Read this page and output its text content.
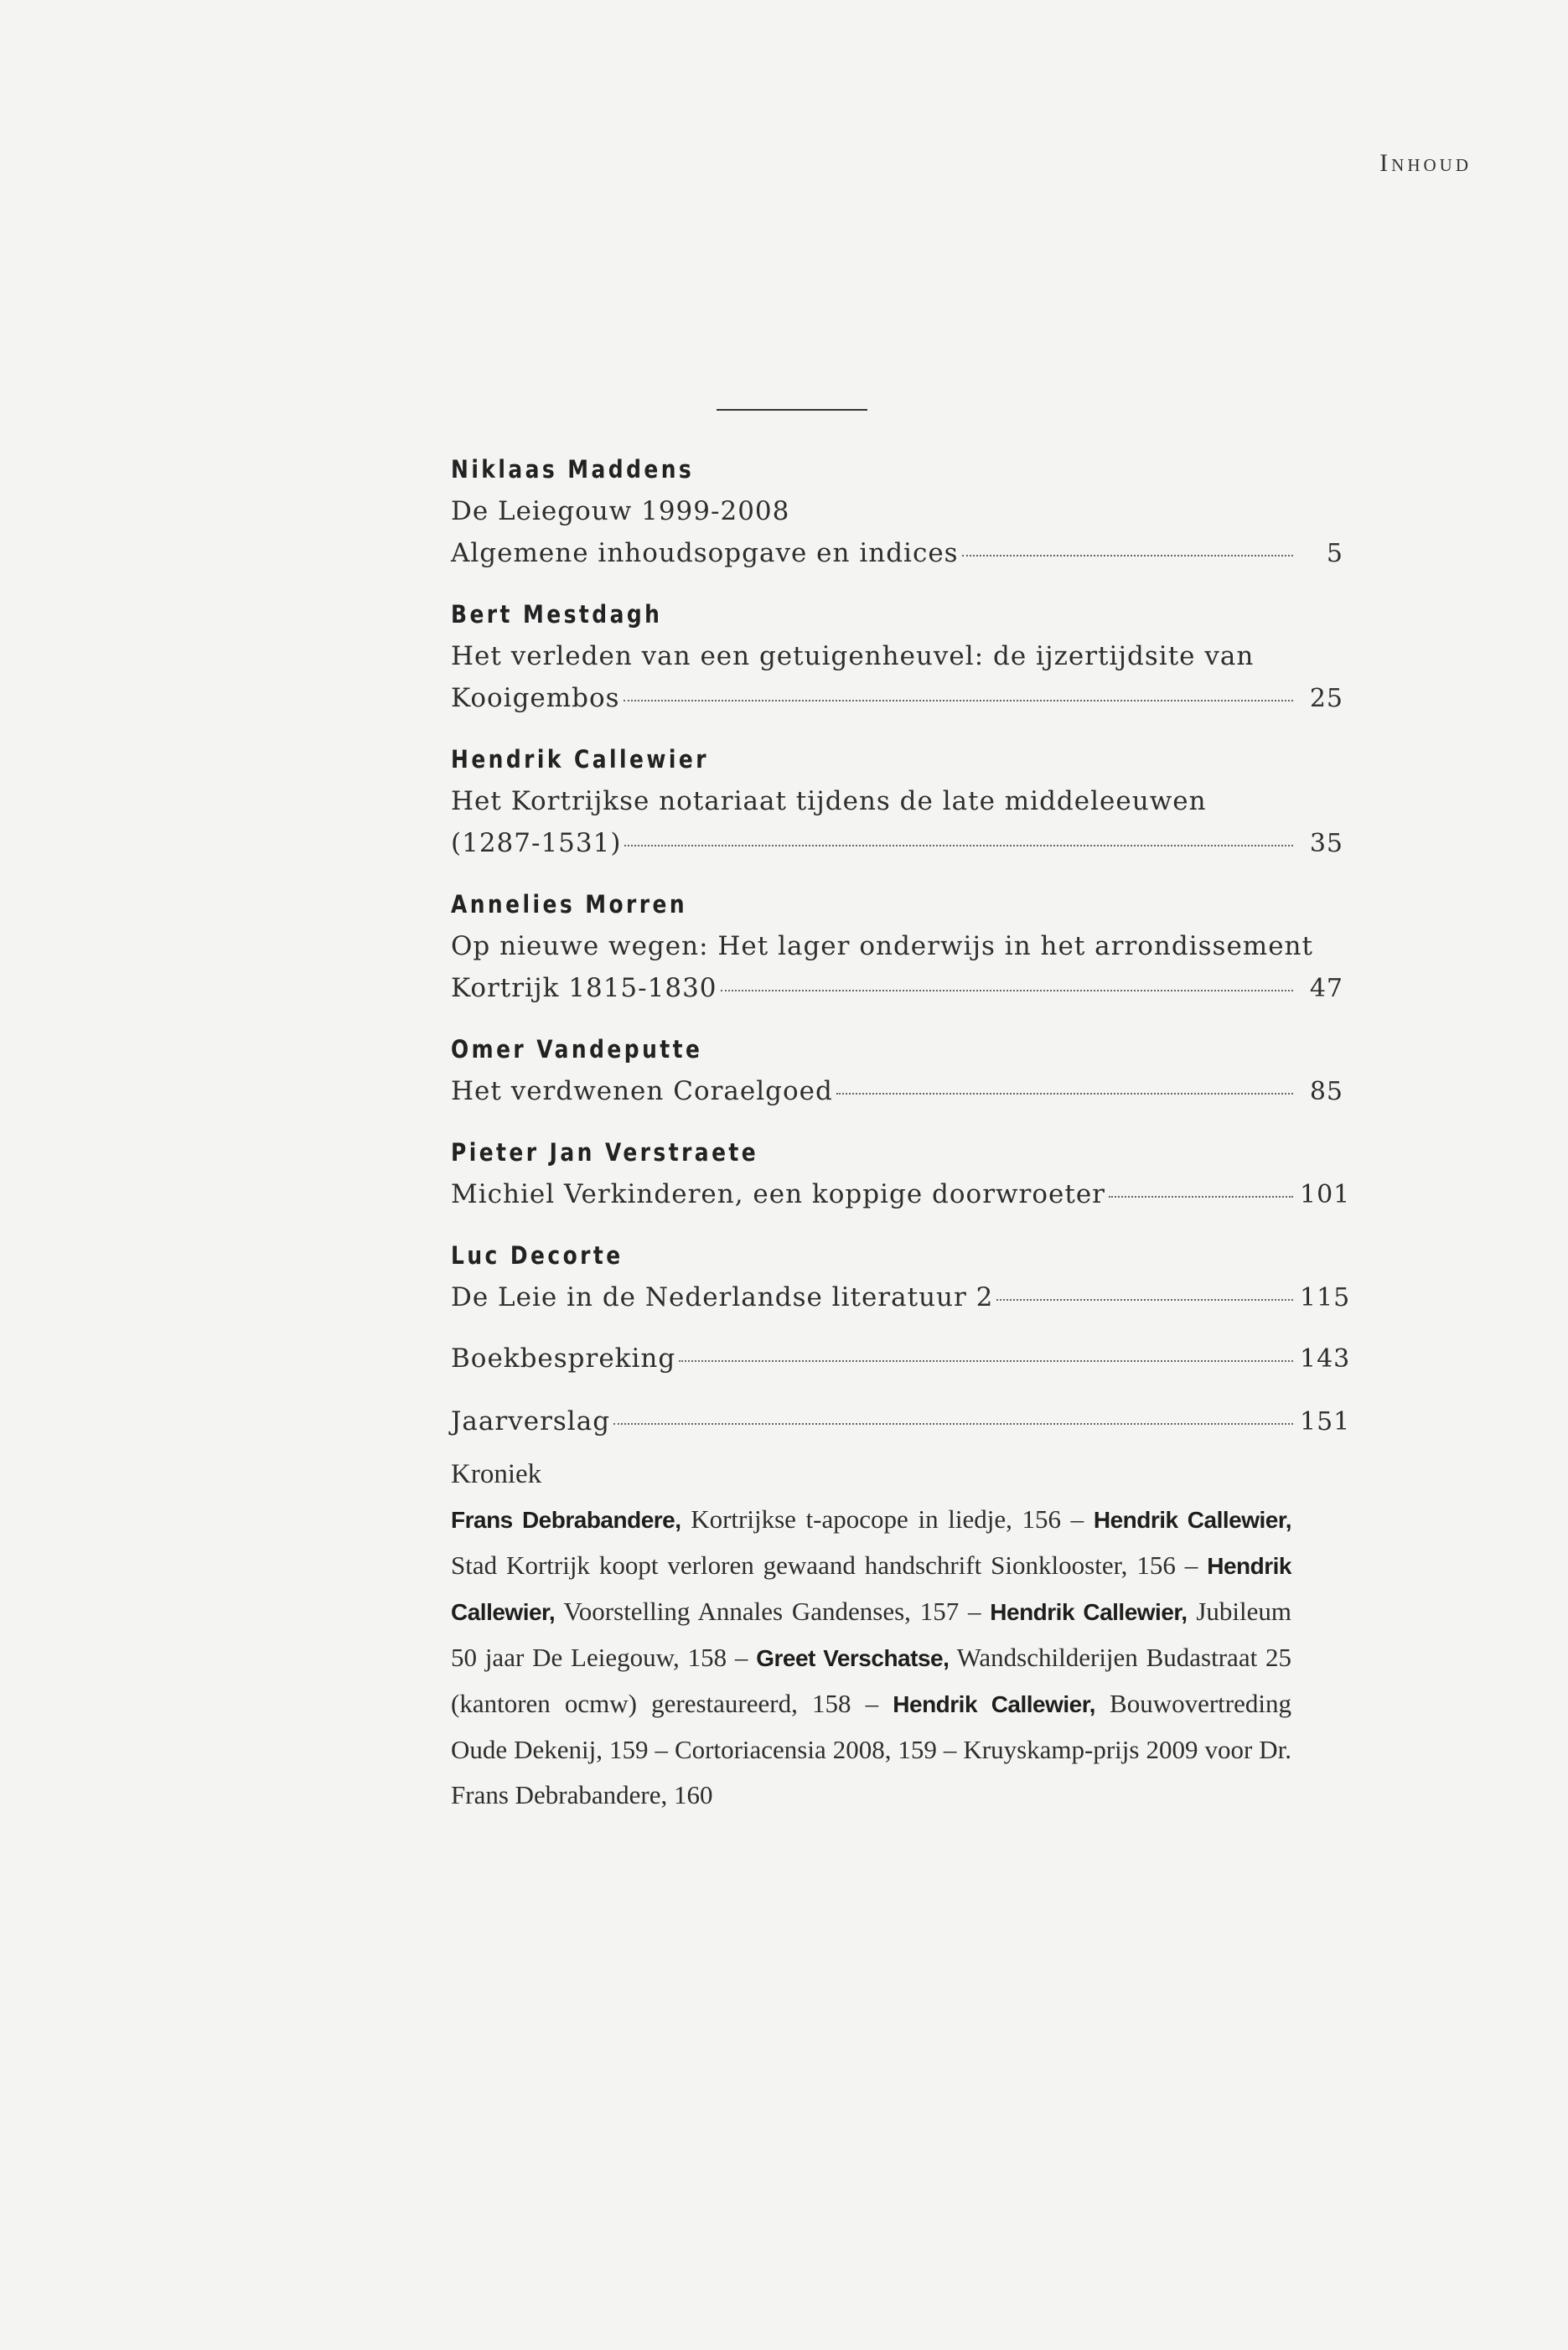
Inhoud
Niklaas Maddens
De Leiegouw 1999-2008
Algemene inhoudsopgave en indices	5
Bert Mestdagh
Het verleden van een getuigenheuvel: de ijzertijdsite van
Kooigembos	25
Hendrik Callewier
Het Kortrijkse notariaat tijdens de late middeleeuwen
(1287-1531)	35
Annelies Morren
Op nieuwe wegen: Het lager onderwijs in het arrondissement
Kortrijk 1815-1830	47
Omer Vandeputte
Het verdwenen Coraelgoed	85
Pieter Jan Verstraete
Michiel Verkinderen, een koppige doorwroeter	101
Luc Decorte
De Leie in de Nederlandse literatuur 2	115
Boekbespreking	143
Jaarverslag	151
Kroniek
Frans Debrabandere, Kortrijkse t-apocope in liedje, 156 – Hendrik Callewier, Stad Kortrijk koopt verloren gewaand handschrift Sionklooster, 156 – Hendrik Callewier, Voorstelling Annales Gandenses, 157 – Hendrik Callewier, Jubileum 50 jaar De Leiegouw, 158 – Greet Verschatse, Wandschilderijen Budastraat 25 (kantoren ocmw) gerestaureerd, 158 – Hendrik Callewier, Bouwovertreding Oude Dekenij, 159 – Cortoriacensia 2008, 159 – Kruyskamp-prijs 2009 voor Dr. Frans Debrabandere, 160
